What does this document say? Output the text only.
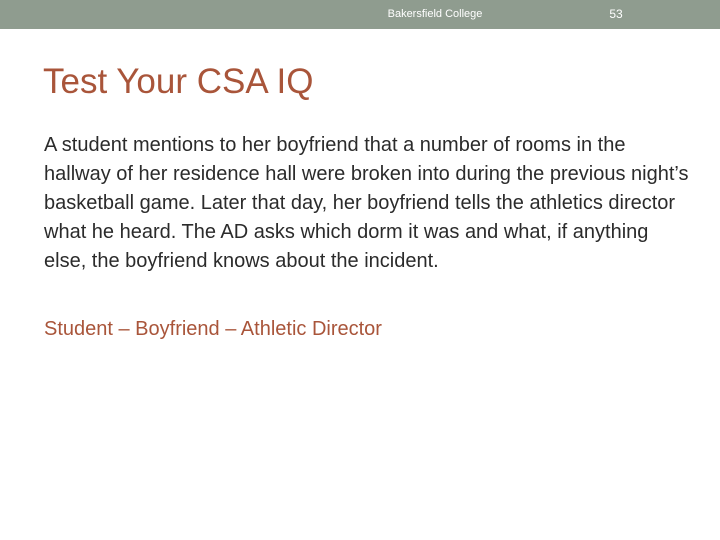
Bakersfield College	53
Test Your CSA IQ

A student mentions to her boyfriend that a number of rooms in the hallway of her residence hall were broken into during the previous night’s basketball game. Later that day, her boyfriend tells the athletics director what he heard. The AD asks which dorm it was and what, if anything else, the boyfriend knows about the incident.

Student – Boyfriend – Athletic Director
